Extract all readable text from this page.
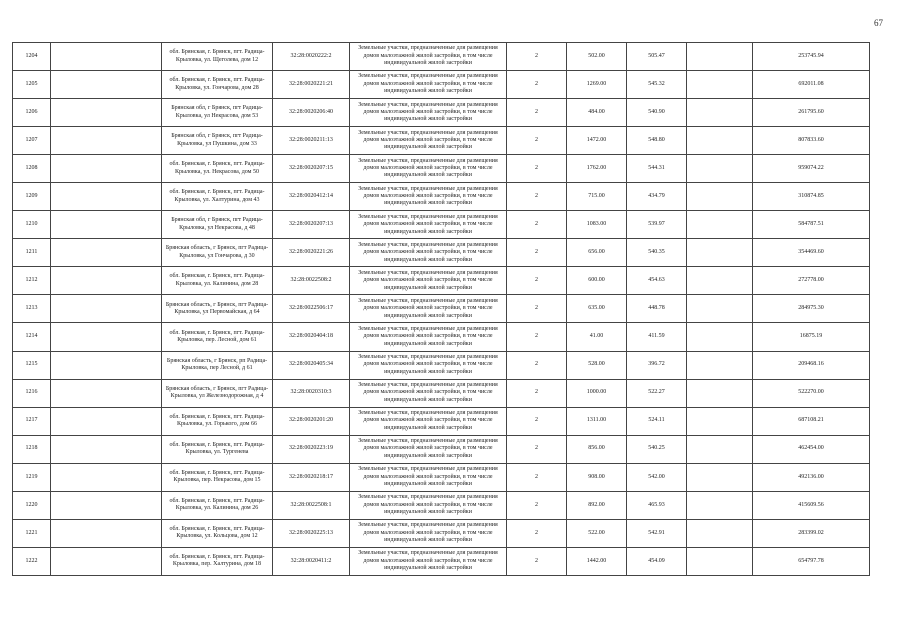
67
1204		обл. Брянская, г. Брянск, пгт. Радица-Крыловка, ул. Щеголева, дом 12	32:28:0020222:2	Земельные участки, предназначенные для размещения домов малоэтажной жилой застройки, в том числе индивидуальной жилой застройки	2	502.00	505.47		253745.94
1205		обл. Брянская, г. Брянск, пгт. Радица-Крыловка, ул. Гончарова, дом 28	32:28:0020221:21	Земельные участки, предназначенные для размещения домов малоэтажной жилой застройки, в том числе индивидуальной жилой застройки	2	1269.00	545.32		692011.08
1206		Брянская обл, г Брянск, пгт Радица-Крыловка, ул Некрасова, дом 53	32:28:0020206:40	Земельные участки, предназначенные для размещения домов малоэтажной жилой застройки, в том числе индивидуальной жилой застройки	2	484.00	540.90		261795.60
1207		Брянская обл, г Брянск, пгт Радица-Крыловка, ул Пушкина, дом 33	32:28:0020211:13	Земельные участки, предназначенные для размещения домов малоэтажной жилой застройки, в том числе индивидуальной жилой застройки	2	1472.00	548.80		807833.60
1208		обл. Брянская, г. Брянск, пгт. Радица-Крыловка, ул. Некрасова, дом 50	32:28:0020207:15	Земельные участки, предназначенные для размещения домов малоэтажной жилой застройки, в том числе индивидуальной жилой застройки	2	1762.00	544.31		959074.22
1209		обл. Брянская, г. Брянск, пгт. Радица-Крыловка, ул. Халтурина, дом 43	32:28:0020412:14	Земельные участки, предназначенные для размещения домов малоэтажной жилой застройки, в том числе индивидуальной жилой застройки	2	715.00	434.79		310874.85
1210		Брянская обл, г Брянск, пгт Радица-Крыловка, ул Некрасова, д 48	32:28:0020207:13	Земельные участки, предназначенные для размещения домов малоэтажной жилой застройки, в том числе индивидуальной жилой застройки	2	1083.00	539.97		584787.51
1211		Брянская область, г Брянск, пгт Радица-Крыловка, ул Гончарова, д 30	32:28:0020221:26	Земельные участки, предназначенные для размещения домов малоэтажной жилой застройки, в том числе индивидуальной жилой застройки	2	656.00	540.35		354469.60
1212		обл. Брянская, г. Брянск, пгт. Радица-Крыловка, ул. Калинина, дом 28	32:28:0022508:2	Земельные участки, предназначенные для размещения домов малоэтажной жилой застройки, в том числе индивидуальной жилой застройки	2	600.00	454.63		272778.00
1213		Брянская область, г Брянск, пгт Радица-Крыловка, ул Первомайская, д 64	32:28:0022506:17	Земельные участки, предназначенные для размещения домов малоэтажной жилой застройки, в том числе индивидуальной жилой застройки	2	635.00	448.78		284975.30
1214		обл. Брянская, г. Брянск, пгт. Радица-Крыловка, пер. Лесной, дом 61	32:28:0020404:18	Земельные участки, предназначенные для размещения домов малоэтажной жилой застройки, в том числе индивидуальной жилой застройки	2	41.00	411.59		16875.19
1215		Брянская область, г Брянск, рп Радица-Крыловка, пер Лесной, д 61	32:28:0020405:34	Земельные участки, предназначенные для размещения домов малоэтажной жилой застройки, в том числе индивидуальной жилой застройки	2	528.00	396.72		209468.16
1216		Брянская область, г Брянск, пгт Радица-Крыловка, ул Железнодорожная, д 4	32:28:0020310:3	Земельные участки, предназначенные для размещения домов малоэтажной жилой застройки, в том числе индивидуальной жилой застройки	2	1000.00	522.27		522270.00
1217		обл. Брянская, г. Брянск, пгт. Радица-Крыловка, ул. Горького, дом 66	32:28:0020201:20	Земельные участки, предназначенные для размещения домов малоэтажной жилой застройки, в том числе индивидуальной жилой застройки	2	1311.00	524.11		687108.21
1218		обл. Брянская, г. Брянск, пгт. Радица-Крыловка, ул. Тургенева	32:28:0020223:19	Земельные участки, предназначенные для размещения домов малоэтажной жилой застройки, в том числе индивидуальной жилой застройки	2	856.00	540.25		462454.00
1219		обл. Брянская, г. Брянск, пгт. Радица-Крыловка, пер. Некрасова, дом 15	32:28:0020218:17	Земельные участки, предназначенные для размещения домов малоэтажной жилой застройки, в том числе индивидуальной жилой застройки	2	908.00	542.00		492136.00
1220		обл. Брянская, г. Брянск, пгт. Радица-Крыловка, ул. Калинина, дом 26	32:28:0022508:1	Земельные участки, предназначенные для размещения домов малоэтажной жилой застройки, в том числе индивидуальной жилой застройки	2	892.00	465.93		415609.56
1221		обл. Брянская, г. Брянск, пгт. Радица-Крыловка, ул. Кольцова, дом 12	32:28:0020225:13	Земельные участки, предназначенные для размещения домов малоэтажной жилой застройки, в том числе индивидуальной жилой застройки	2	522.00	542.91		283399.02
1222		обл. Брянская, г. Брянск, пгт. Радица-Крыловка, пер. Халтурина, дом 18	32:28:0020411:2	Земельные участки, предназначенные для размещения домов малоэтажной жилой застройки, в том числе индивидуальной жилой застройки	2	1442.00	454.09		654797.78
